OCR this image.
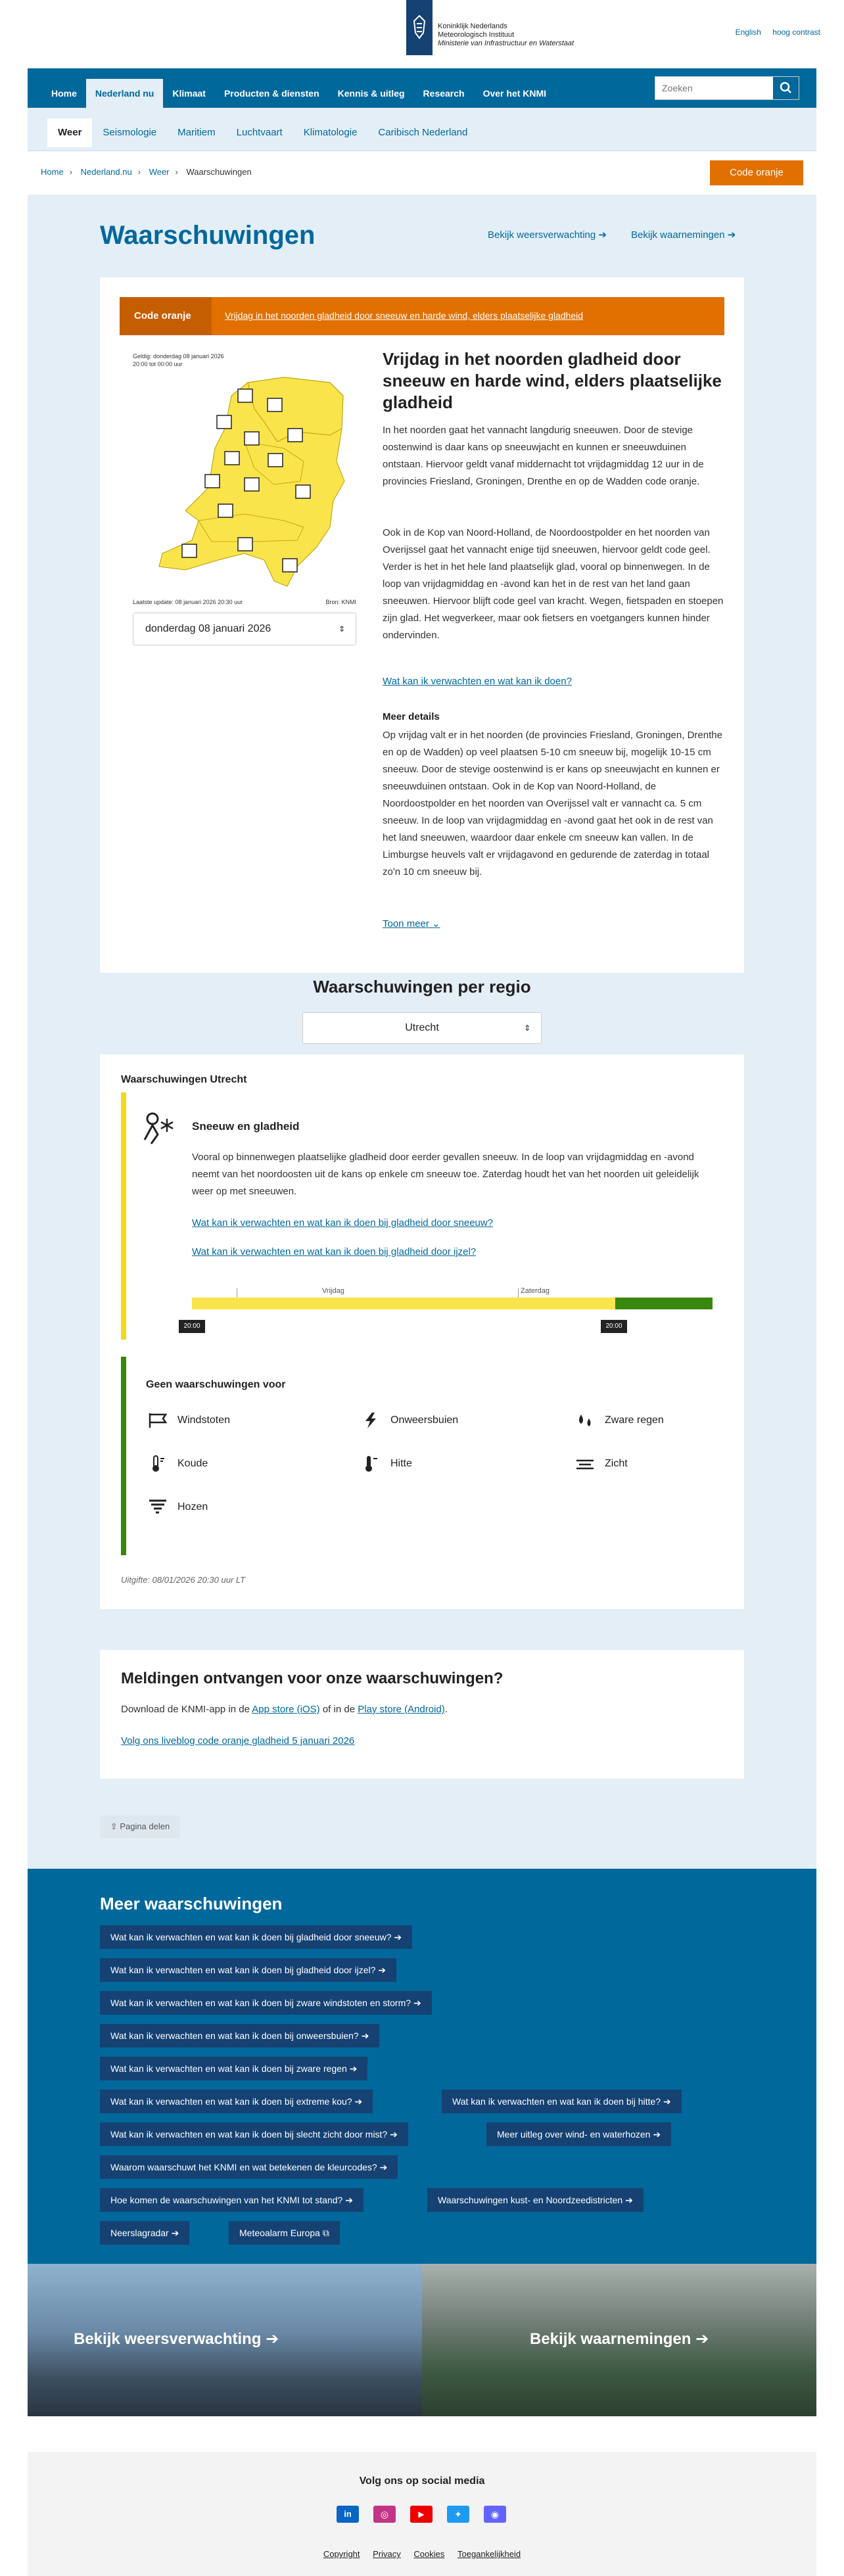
Koninklijk Nederlands
Meteorologisch Instituut
Ministerie van Infrastructuur en Waterstaat
English hoog contrast
Home	Nederland nu	Klimaat	Producten & diensten	Kennis & uitleg	Research	Over het KNMI
Zoeken
Weer	Seismologie	Maritiem	Luchtvaart	Klimatologie	Caribisch Nederland
Home › Nederland.nu › Weer › Waarschuwingen	Code oranje
Waarschuwingen	Bekijk weersverwachting ➔ Bekijk waarnemingen ➔
Code oranje	Vrijdag in het noorden gladheid door sneeuw en harde wind, elders plaatselijke gladheid
Geldig: donderdag 08 januari 2026
20:00 tot 00:00 uur
Laatste update: 08 januari 2026 20:30 uur	Bron: KNMI
donderdag 08 januari 2026	⇕
Vrijdag in het noorden gladheid door sneeuw en harde wind, elders plaatselijke gladheid
In het noorden gaat het vannacht langdurig sneeuwen. Door de stevige oostenwind is daar kans op sneeuwjacht en kunnen er sneeuwduinen ontstaan. Hiervoor geldt vanaf middernacht tot vrijdagmiddag 12 uur in de provincies Friesland, Groningen, Drenthe en op de Wadden code oranje.
Ook in de Kop van Noord-Holland, de Noordoostpolder en het noorden van Overijssel gaat het vannacht enige tijd sneeuwen, hiervoor geldt code geel. Verder is het in het hele land plaatselijk glad, vooral op binnenwegen. In de loop van vrijdagmiddag en -avond kan het in de rest van het land gaan sneeuwen. Hiervoor blijft code geel van kracht. Wegen, fietspaden en stoepen zijn glad. Het wegverkeer, maar ook fietsers en voetgangers kunnen hinder ondervinden.
Wat kan ik verwachten en wat kan ik doen?
Meer details
Op vrijdag valt er in het noorden (de provincies Friesland, Groningen, Drenthe en op de Wadden) op veel plaatsen 5-10 cm sneeuw bij, mogelijk 10-15 cm sneeuw. Door de stevige oostenwind is er kans op sneeuwjacht en kunnen er sneeuwduinen ontstaan. Ook in de Kop van Noord-Holland, de Noordoostpolder en het noorden van Overijssel valt er vannacht ca. 5 cm sneeuw. In de loop van vrijdagmiddag en -avond gaat het ook in de rest van het land sneeuwen, waardoor daar enkele cm sneeuw kan vallen. In de Limburgse heuvels valt er vrijdagavond en gedurende de zaterdag in totaal zo'n 10 cm sneeuw bij.
Toon meer ⌄
Waarschuwingen per regio
Utrecht	⇕
Waarschuwingen Utrecht
Sneeuw en gladheid
Vooral op binnenwegen plaatselijke gladheid door eerder gevallen sneeuw. In de loop van vrijdagmiddag en -avond neemt van het noordoosten uit de kans op enkele cm sneeuw toe. Zaterdag houdt het van het noorden uit geleidelijk weer op met sneeuwen.
Wat kan ik verwachten en wat kan ik doen bij gladheid door sneeuw?
Wat kan ik verwachten en wat kan ik doen bij gladheid door ijzel?
Vrijdag	Zaterdag
20:00	20:00
Geen waarschuwingen voor
Windstoten	Onweersbuien	Zware regen
Koude	Hitte	Zicht
Hozen
Uitgifte: 08/01/2026 20:30 uur LT
Meldingen ontvangen voor onze waarschuwingen?
Download de KNMI-app in de App store (iOS) of in de Play store (Android).
Volg ons liveblog code oranje gladheid 5 januari 2026
⇪ Pagina delen
Meer waarschuwingen
Wat kan ik verwachten en wat kan ik doen bij gladheid door sneeuw? ➔
Wat kan ik verwachten en wat kan ik doen bij gladheid door ijzel? ➔
Wat kan ik verwachten en wat kan ik doen bij zware windstoten en storm? ➔
Wat kan ik verwachten en wat kan ik doen bij onweersbuien? ➔
Wat kan ik verwachten en wat kan ik doen bij zware regen ➔
Wat kan ik verwachten en wat kan ik doen bij extreme kou? ➔	Wat kan ik verwachten en wat kan ik doen bij hitte? ➔
Wat kan ik verwachten en wat kan ik doen bij slecht zicht door mist? ➔	Meer uitleg over wind- en waterhozen ➔
Waarom waarschuwt het KNMI en wat betekenen de kleurcodes? ➔
Hoe komen de waarschuwingen van het KNMI tot stand? ➔	Waarschuwingen kust- en Noordzeedistricten ➔
Neerslagradar ➔	Meteoalarm Europa ⧉
Bekijk weersverwachting ➔	Bekijk waarnemingen ➔
Volg ons op social media
in	◎	▶	✦	◉
Copyright Privacy Cookies Toegankelijkheid
